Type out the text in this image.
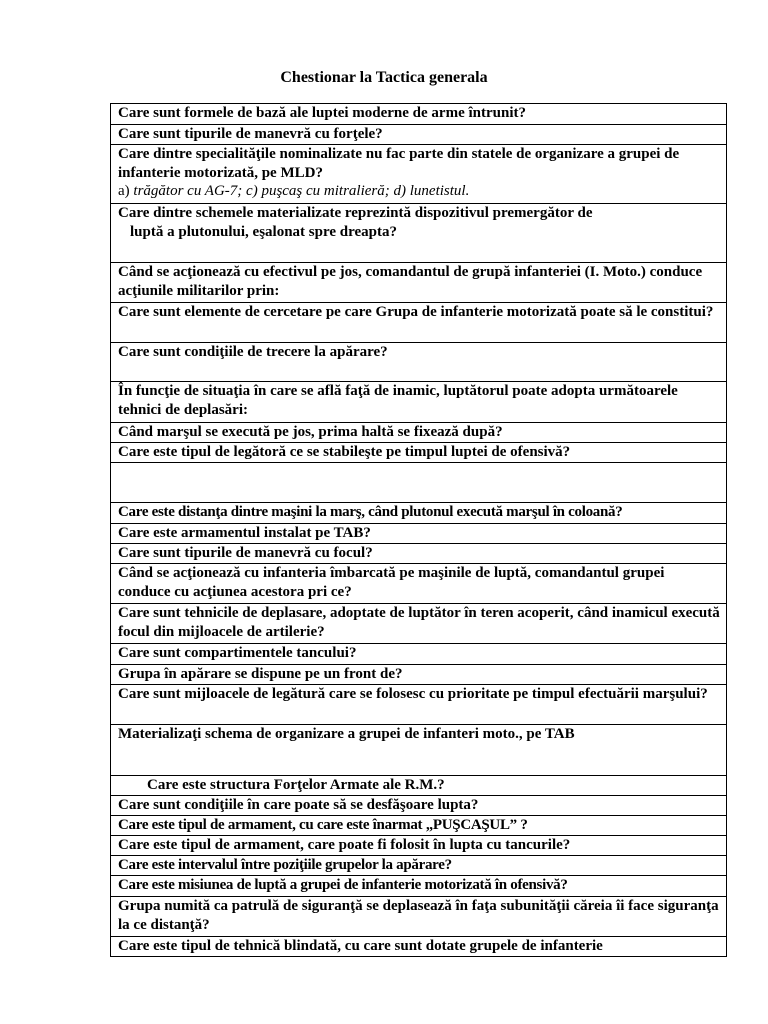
Chestionar la Tactica generala
Care sunt formele de bază ale luptei moderne de arme întrunit?
Care sunt tipurile de manevră cu forţele?
Care dintre specialităţile nominalizate nu fac parte din statele de organizare a grupei de infanterie motorizată, pe MLD?
a) trăgător cu AG-7; c) puşcaş cu mitralieră; d) lunetistul.

Care dintre schemele materializate reprezintă dispozitivul premergător de
luptă a plutonului, eşalonat spre dreapta?

Când se acţionează cu efectivul pe jos, comandantul de grupă infanteriei (I. Moto.) conduce acţiunile militarilor prin:
Care sunt elemente de cercetare pe care Grupa de infanterie motorizată poate să le constitui?
Care sunt condiţiile de trecere la apărare?
În funcţie de situaţia în care se află faţă de inamic, luptătorul poate adopta următoarele tehnici de deplasări:
Când marşul se execută pe jos, prima haltă se fixează după?
Care este tipul de legătoră ce se stabileşte pe timpul luptei de ofensivă?

Care este distanţa dintre maşini la marş, când plutonul execută marşul în coloană?
Care este armamentul instalat pe TAB?
Care sunt tipurile de manevră cu focul?
Când se acţionează cu infanteria îmbarcată pe maşinile de luptă, comandantul grupei conduce cu acţiunea acestora pri ce?
Care sunt tehnicile de deplasare, adoptate de luptător în teren acoperit, când inamicul execută focul din mijloacele de artilerie?
Care sunt compartimentele tancului?
Grupa în apărare se dispune pe un front de?
Care sunt mijloacele de legătură care se folosesc cu prioritate pe timpul efectuării marşului?
Materializaţi schema de organizare a grupei de infanteri moto., pe TAB
Care este structura Forţelor Armate ale R.M.?
Care sunt condiţiile în care poate să se desfăşoare lupta?
Care este tipul de armament, cu care este înarmat „PUŞCAŞUL” ?
Care este tipul de armament, care poate fi folosit în lupta cu tancurile?
Care este intervalul între poziţiile grupelor la apărare?
Care este misiunea de luptă a grupei de infanterie motorizată în ofensivă?
Grupa numită ca patrulă de siguranţă se deplasează în faţa subunităţii căreia îi face siguranţa la ce distanţă?
Care este tipul de tehnică blindată, cu care sunt dotate grupele de infanterie
